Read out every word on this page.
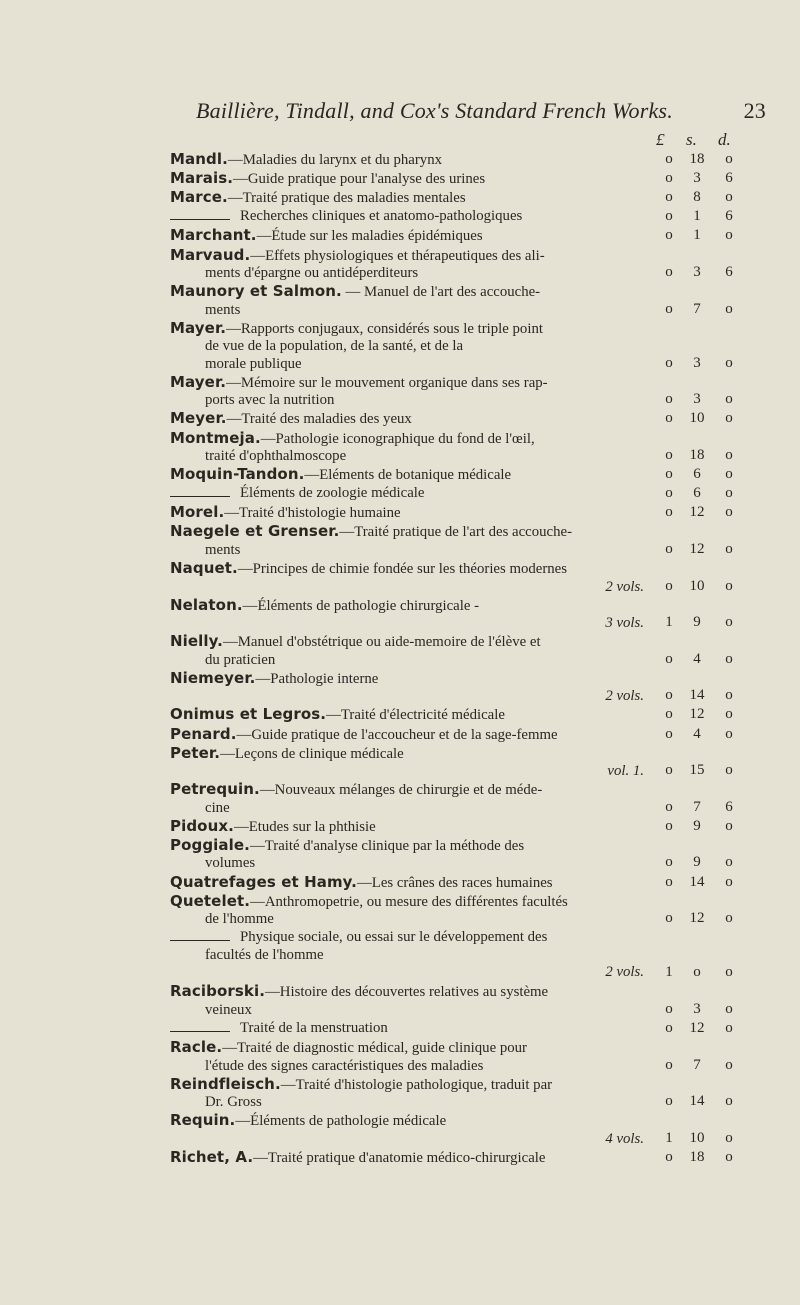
Baillière, Tindall, and Cox's Standard French Works.	23
£ s. d.
Mandl.—Maladies du larynx et du pharynx	o	18	o
Marais.—Guide pratique pour l'analyse des urines	o	3	6
Marce.—Traité pratique des maladies mentales	o	8	o
Recherches cliniques et anatomo-pathologiques	o	1	6
Marchant.—Étude sur les maladies épidémiques	o	1	o
Marvaud.—Effets physiologiques et thérapeutiques des ali-
ments d'épargne ou antidéperditeurs	o	3	6
Maunory et Salmon. — Manuel de l'art des accouche-
ments	o	7	o
Mayer.—Rapports conjugaux, considérés sous le triple point
de vue de la population, de la santé, et de la
morale publique	o	3	o
Mayer.—Mémoire sur le mouvement organique dans ses rap-
ports avec la nutrition	o	3	o
Meyer.—Traité des maladies des yeux	o	10	o
Montmeja.—Pathologie iconographique du fond de l'œil,
traité d'ophthalmoscope	o	18	o
Moquin-Tandon.—Eléments de botanique médicale	o	6	o
Éléments de zoologie médicale	o	6	o
Morel.—Traité d'histologie humaine	o	12	o
Naegele et Grenser.—Traité pratique de l'art des accouche-
ments	o	12	o
Naquet.—Principes de chimie fondée sur les théories modernes
2 vols.	o	10	o
Nelaton.—Éléments de pathologie chirurgicale -
3 vols.	1	9	o
Nielly.—Manuel d'obstétrique ou aide-memoire de l'élève et
du praticien	o	4	o
Niemeyer.—Pathologie interne
2 vols.	o	14	o
Onimus et Legros.—Traité d'électricité médicale	o	12	o
Penard.—Guide pratique de l'accoucheur et de la sage-femme	o	4	o
Peter.—Leçons de clinique médicale
vol. 1.	o	15	o
Petrequin.—Nouveaux mélanges de chirurgie et de méde-
cine	o	7	6
Pidoux.—Etudes sur la phthisie	o	9	o
Poggiale.—Traité d'analyse clinique par la méthode des
volumes	o	9	o
Quatrefages et Hamy.—Les crânes des races humaines	o	14	o
Quetelet.—Anthromopetrie, ou mesure des différentes facultés
de l'homme	o	12	o
Physique sociale, ou essai sur le développement des
facultés de l'homme
2 vols.	1	o	o
Raciborski.—Histoire des découvertes relatives au système
veineux	o	3	o
Traité de la menstruation	o	12	o
Racle.—Traité de diagnostic médical, guide clinique pour
l'étude des signes caractéristiques des maladies	o	7	o
Reindfleisch.—Traité d'histologie pathologique, traduit par
Dr. Gross	o	14	o
Requin.—Éléments de pathologie médicale
4 vols.	1	10	o
Richet, A.—Traité pratique d'anatomie médico-chirurgicale	o	18	o
